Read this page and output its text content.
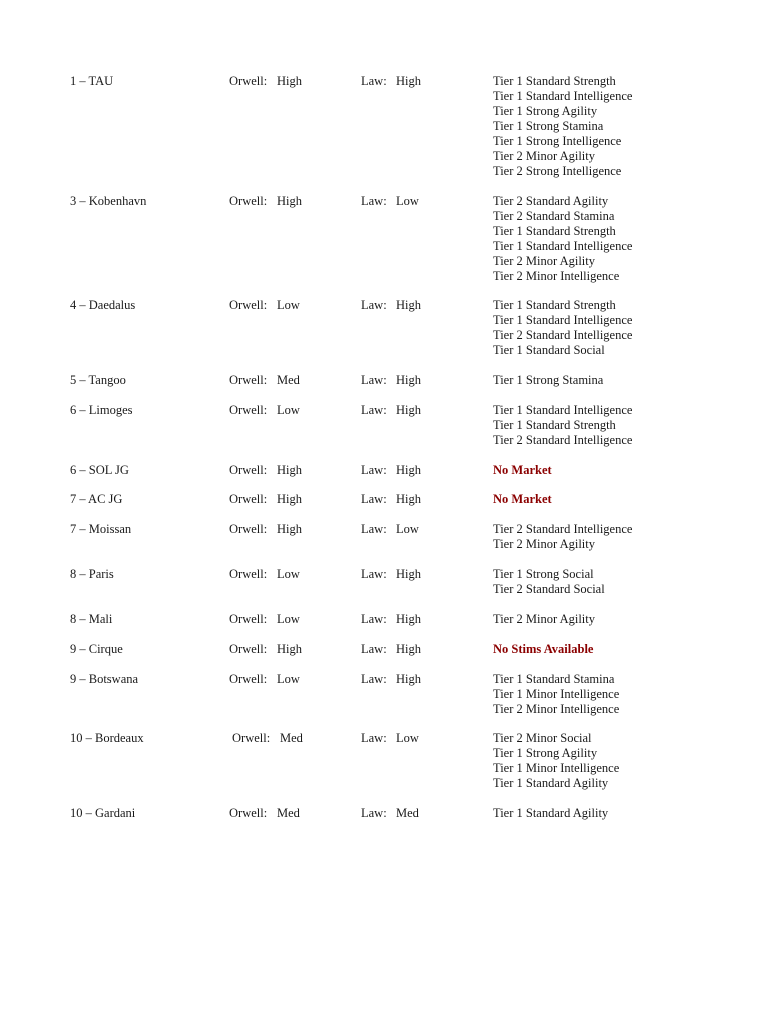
1 – TAU	Orwell: High	Law: High	Tier 1 Standard Strength
Tier 1 Standard Intelligence
Tier 1 Strong Agility
Tier 1 Strong Stamina
Tier 1 Strong Intelligence
Tier 2 Minor Agility
Tier 2 Strong Intelligence
3 – Kobenhavn	Orwell: High	Law: Low	Tier 2 Standard Agility
Tier 2 Standard Stamina
Tier 1 Standard Strength
Tier 1 Standard Intelligence
Tier 2 Minor Agility
Tier 2 Minor Intelligence
4 – Daedalus	Orwell: Low	Law: High	Tier 1 Standard Strength
Tier 1 Standard Intelligence
Tier 2 Standard Intelligence
Tier 1 Standard Social
5 – Tangoo	Orwell: Med	Law: High	Tier 1 Strong Stamina
6 – Limoges	Orwell: Low	Law: High	Tier 1 Standard Intelligence
Tier 1 Standard Strength
Tier 2 Standard Intelligence
6 – SOL JG	Orwell: High	Law: High	No Market
7 – AC JG	Orwell: High	Law: High	No Market
7 – Moissan	Orwell: High	Law: Low	Tier 2 Standard Intelligence
Tier 2 Minor Agility
8 – Paris	Orwell: Low	Law: High	Tier 1 Strong Social
Tier 2 Standard Social
8 – Mali	Orwell: Low	Law: High	Tier 2 Minor Agility
9 – Cirque	Orwell: High	Law: High	No Stims Available
9 – Botswana	Orwell: Low	Law: High	Tier 1 Standard Stamina
Tier 1 Minor Intelligence
Tier 2 Minor Intelligence
10 – Bordeaux	Orwell: Med	Law: Low	Tier 2 Minor Social
Tier 1 Strong Agility
Tier 1 Minor Intelligence
Tier 1 Standard Agility
10 – Gardani	Orwell: Med	Law: Med	Tier 1 Standard Agility
